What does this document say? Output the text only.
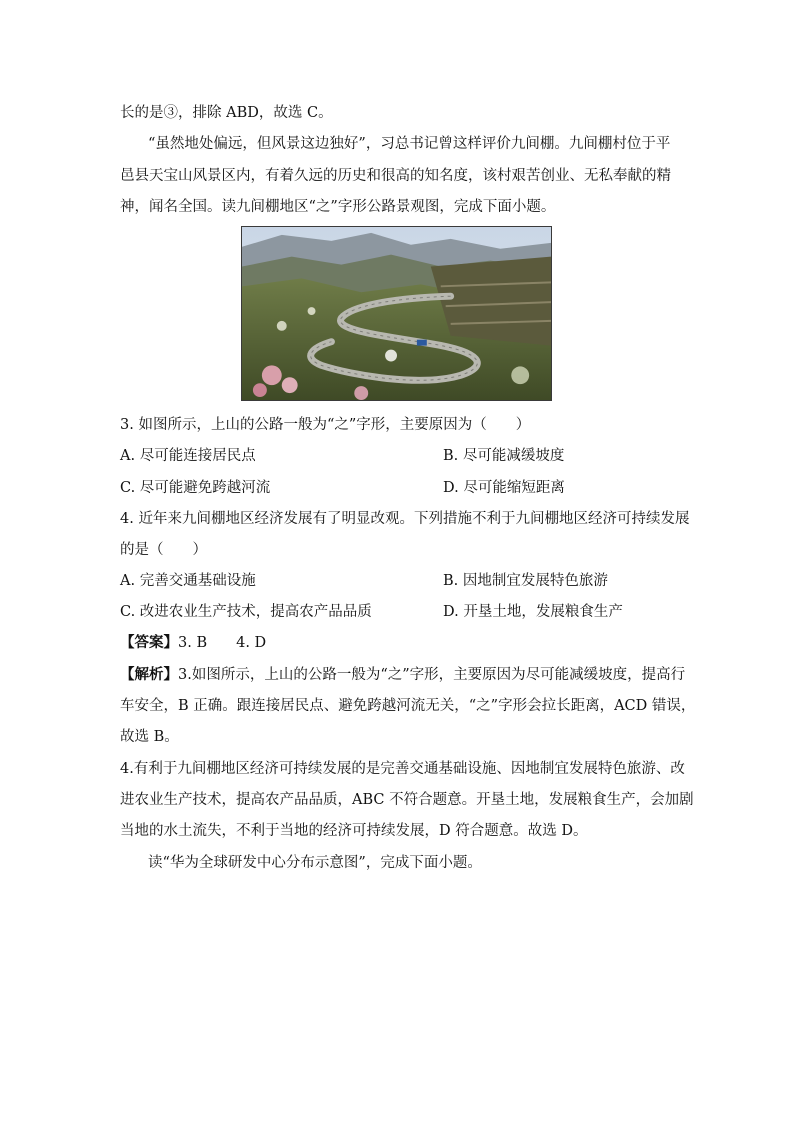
长的是③，排除 ABD，故选 C。
“虽然地处偏远，但风景这边独好”，习总书记曾这样评价九间棚。九间棚村位于平
邑县天宝山风景区内，有着久远的历史和很高的知名度，该村艰苦创业、无私奉献的精
神，闻名全国。读九间棚地区“之”字形公路景观图，完成下面小题。
3. 如图所示，上山的公路一般为“之”字形，主要原因为（　　）
A. 尽可能连接居民点	B. 尽可能减缓坡度
C. 尽可能避免跨越河流	D. 尽可能缩短距离
4. 近年来九间棚地区经济发展有了明显改观。下列措施不利于九间棚地区经济可持续发展
的是（　　）
A. 完善交通基础设施	B. 因地制宜发展特色旅游
C. 改进农业生产技术，提高农产品品质	D. 开垦土地，发展粮食生产
【答案】3. B　　4. D
【解析】3.如图所示，上山的公路一般为“之”字形，主要原因为尽可能减缓坡度，提高行
车安全，B 正确。跟连接居民点、避免跨越河流无关，“之”字形会拉长距离，ACD 错误，
故选 B。
4.有利于九间棚地区经济可持续发展的是完善交通基础设施、因地制宜发展特色旅游、改
进农业生产技术，提高农产品品质，ABC 不符合题意。开垦土地，发展粮食生产，会加剧
当地的水土流失，不利于当地的经济可持续发展，D 符合题意。故选 D。
读“华为全球研发中心分布示意图”，完成下面小题。
